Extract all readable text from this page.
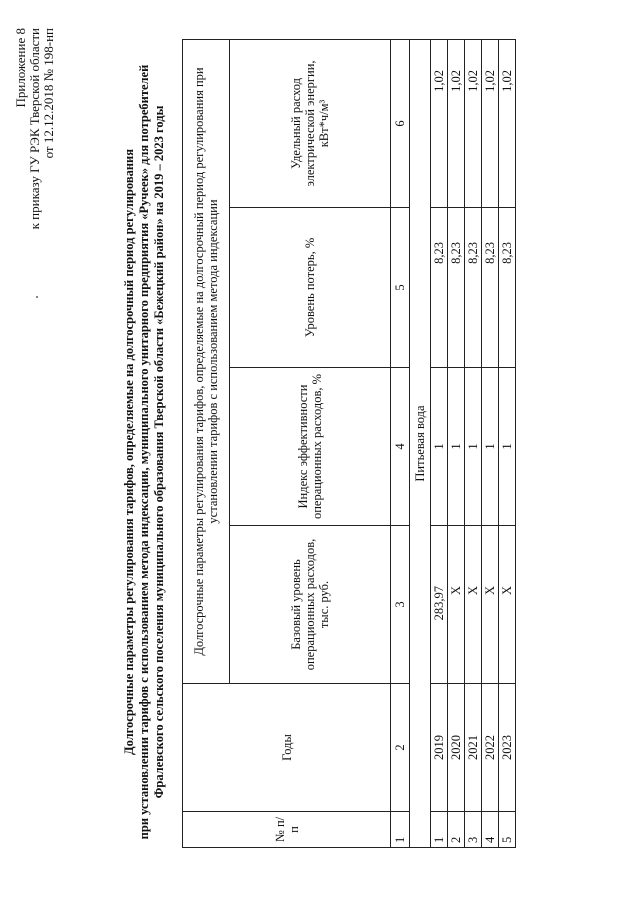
Приложение 8 к приказу ГУ РЭК Тверской области от 12.12.2018 № 198-нп
Долгосрочные параметры регулирования тарифов, определяемые на долгосрочный период регулирования при установлении тарифов с использованием метода индексации, муниципального унитарного предприятия «Ручеек» для потребителей Фралевского сельского поселения муниципального образования Тверской области «Бежецкий район» на 2019 – 2023 годы
№ п/п	Годы	Долгосрочные параметры регулирования тарифов, определяемые на долгосрочный период регулирования при установлении тарифов с использованием метода индексации			
		Базовый уровень операционных расходов, тыс. руб.	Индекс эффективности операционных расходов, %	Уровень потерь, %	Удельный расход электрической энергии, кВт*ч/м³
1	2	3	4	5	6
Питьевая вода					
1	2019	283,97	1	8,23	1,02
2	2020	Х	1	8,23	1,02
3	2021	Х	1	8,23	1,02
4	2022	Х	1	8,23	1,02
5	2023	Х	1	8,23	1,02
